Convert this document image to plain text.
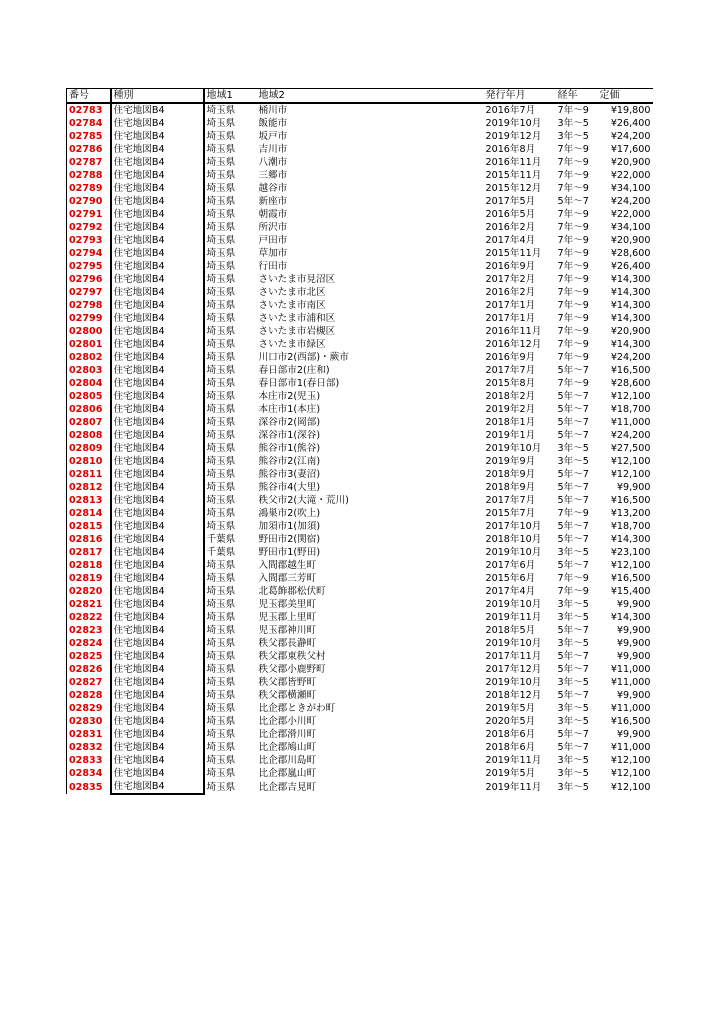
番号	種別	地域1	地域2	発行年月	経年	定価
02783	住宅地図B4	埼玉県	桶川市	2016年7月	7年～9	¥19,800
02784	住宅地図B4	埼玉県	飯能市	2019年10月	3年～5	¥26,400
02785	住宅地図B4	埼玉県	坂戸市	2019年12月	3年～5	¥24,200
02786	住宅地図B4	埼玉県	吉川市	2016年8月	7年～9	¥17,600
02787	住宅地図B4	埼玉県	八潮市	2016年11月	7年～9	¥20,900
02788	住宅地図B4	埼玉県	三郷市	2015年11月	7年～9	¥22,000
02789	住宅地図B4	埼玉県	越谷市	2015年12月	7年～9	¥34,100
02790	住宅地図B4	埼玉県	新座市	2017年5月	5年～7	¥24,200
02791	住宅地図B4	埼玉県	朝霞市	2016年5月	7年～9	¥22,000
02792	住宅地図B4	埼玉県	所沢市	2016年2月	7年～9	¥34,100
02793	住宅地図B4	埼玉県	戸田市	2017年4月	7年～9	¥20,900
02794	住宅地図B4	埼玉県	草加市	2015年11月	7年～9	¥28,600
02795	住宅地図B4	埼玉県	行田市	2016年9月	7年～9	¥26,400
02796	住宅地図B4	埼玉県	さいたま市見沼区	2017年2月	7年～9	¥14,300
02797	住宅地図B4	埼玉県	さいたま市北区	2016年2月	7年～9	¥14,300
02798	住宅地図B4	埼玉県	さいたま市南区	2017年1月	7年～9	¥14,300
02799	住宅地図B4	埼玉県	さいたま市浦和区	2017年1月	7年～9	¥14,300
02800	住宅地図B4	埼玉県	さいたま市岩槻区	2016年11月	7年～9	¥20,900
02801	住宅地図B4	埼玉県	さいたま市緑区	2016年12月	7年～9	¥14,300
02802	住宅地図B4	埼玉県	川口市2(西部)・蕨市	2016年9月	7年～9	¥24,200
02803	住宅地図B4	埼玉県	春日部市2(庄和)	2017年7月	5年～7	¥16,500
02804	住宅地図B4	埼玉県	春日部市1(春日部)	2015年8月	7年～9	¥28,600
02805	住宅地図B4	埼玉県	本庄市2(児玉)	2018年2月	5年～7	¥12,100
02806	住宅地図B4	埼玉県	本庄市1(本庄)	2019年2月	5年～7	¥18,700
02807	住宅地図B4	埼玉県	深谷市2(岡部)	2018年1月	5年～7	¥11,000
02808	住宅地図B4	埼玉県	深谷市1(深谷)	2019年1月	5年～7	¥24,200
02809	住宅地図B4	埼玉県	熊谷市1(熊谷)	2019年10月	3年～5	¥27,500
02810	住宅地図B4	埼玉県	熊谷市2(江南)	2019年9月	3年～5	¥12,100
02811	住宅地図B4	埼玉県	熊谷市3(妻沼)	2018年9月	5年～7	¥12,100
02812	住宅地図B4	埼玉県	熊谷市4(大里)	2018年9月	5年～7	¥9,900
02813	住宅地図B4	埼玉県	秩父市2(大滝・荒川)	2017年7月	5年～7	¥16,500
02814	住宅地図B4	埼玉県	鴻巣市2(吹上)	2015年7月	7年～9	¥13,200
02815	住宅地図B4	埼玉県	加須市1(加須)	2017年10月	5年～7	¥18,700
02816	住宅地図B4	千葉県	野田市2(関宿)	2018年10月	5年～7	¥14,300
02817	住宅地図B4	千葉県	野田市1(野田)	2019年10月	3年～5	¥23,100
02818	住宅地図B4	埼玉県	入間郡越生町	2017年6月	5年～7	¥12,100
02819	住宅地図B4	埼玉県	入間郡三芳町	2015年6月	7年～9	¥16,500
02820	住宅地図B4	埼玉県	北葛飾郡松伏町	2017年4月	7年～9	¥15,400
02821	住宅地図B4	埼玉県	児玉郡美里町	2019年10月	3年～5	¥9,900
02822	住宅地図B4	埼玉県	児玉郡上里町	2019年11月	3年～5	¥14,300
02823	住宅地図B4	埼玉県	児玉郡神川町	2018年5月	5年～7	¥9,900
02824	住宅地図B4	埼玉県	秩父郡長瀞町	2019年10月	3年～5	¥9,900
02825	住宅地図B4	埼玉県	秩父郡東秩父村	2017年11月	5年～7	¥9,900
02826	住宅地図B4	埼玉県	秩父郡小鹿野町	2017年12月	5年～7	¥11,000
02827	住宅地図B4	埼玉県	秩父郡皆野町	2019年10月	3年～5	¥11,000
02828	住宅地図B4	埼玉県	秩父郡横瀬町	2018年12月	5年～7	¥9,900
02829	住宅地図B4	埼玉県	比企郡ときがわ町	2019年5月	3年～5	¥11,000
02830	住宅地図B4	埼玉県	比企郡小川町	2020年5月	3年～5	¥16,500
02831	住宅地図B4	埼玉県	比企郡滑川町	2018年6月	5年～7	¥9,900
02832	住宅地図B4	埼玉県	比企郡鳩山町	2018年6月	5年～7	¥11,000
02833	住宅地図B4	埼玉県	比企郡川島町	2019年11月	3年～5	¥12,100
02834	住宅地図B4	埼玉県	比企郡嵐山町	2019年5月	3年～5	¥12,100
02835	住宅地図B4	埼玉県	比企郡吉見町	2019年11月	3年～5	¥12,100
